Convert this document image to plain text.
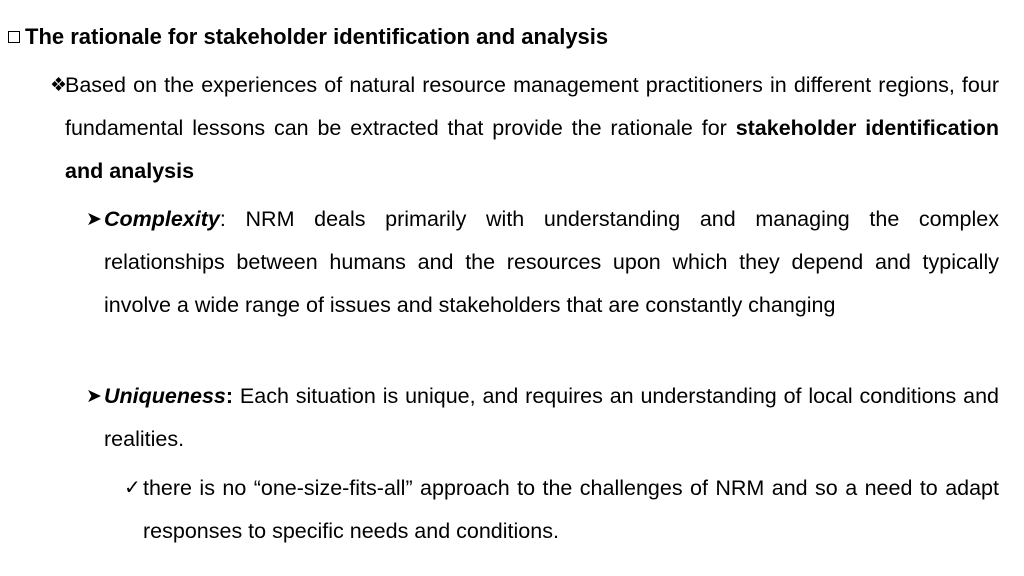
The rationale for stakeholder identification and analysis
❖
Based on the experiences of natural resource management practitioners in different regions, four fundamental lessons can be extracted that provide the rationale for stakeholder identification and analysis
➤ Complexity: NRM deals primarily with understanding and managing the complex relationships between humans and the resources upon which they depend and typically involve a wide range of issues and stakeholders that are constantly changing
➤ Uniqueness: Each situation is unique, and requires an understanding of local conditions and realities.
✓ there is no “one-size-fits-all” approach to the challenges of NRM and so a need to adapt responses to specific needs and conditions.
